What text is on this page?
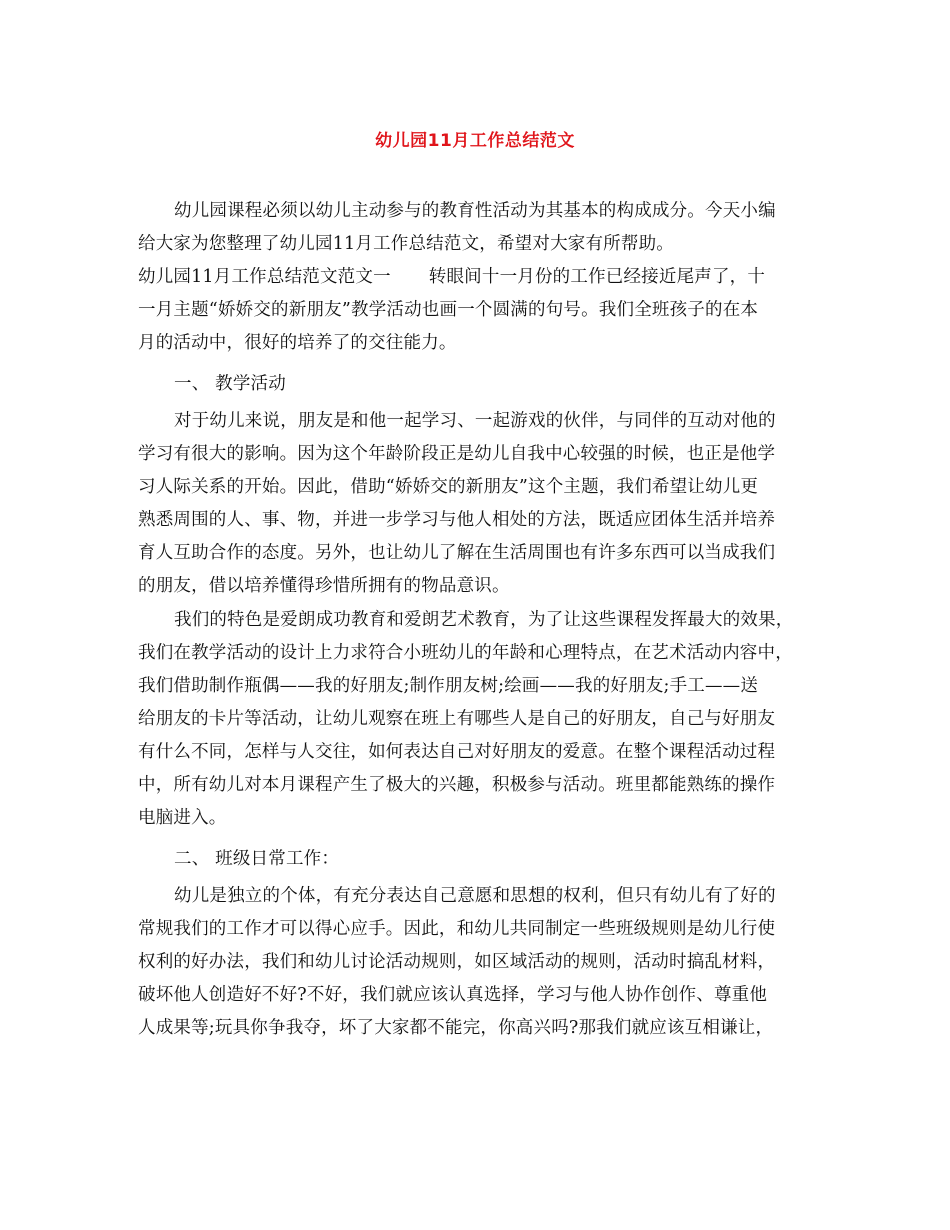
幼儿园11月工作总结范文
幼儿园课程必须以幼儿主动参与的教育性活动为其基本的构成成分。今天小编
给大家为您整理了幼儿园11月工作总结范文，希望对大家有所帮助。
幼儿园11月工作总结范文范文一 转眼间十一月份的工作已经接近尾声了，十
一月主题“娇娇交的新朋友”教学活动也画一个圆满的句号。我们全班孩子的在本
月的活动中，很好的培养了的交往能力。
一、 教学活动
对于幼儿来说，朋友是和他一起学习、一起游戏的伙伴，与同伴的互动对他的
学习有很大的影响。因为这个年龄阶段正是幼儿自我中心较强的时候，也正是他学
习人际关系的开始。因此，借助“娇娇交的新朋友”这个主题，我们希望让幼儿更
熟悉周围的人、事、物，并进一步学习与他人相处的方法，既适应团体生活并培养
育人互助合作的态度。另外，也让幼儿了解在生活周围也有许多东西可以当成我们
的朋友，借以培养懂得珍惜所拥有的物品意识。
我们的特色是爱朗成功教育和爱朗艺术教育，为了让这些课程发挥最大的效果，
我们在教学活动的设计上力求符合小班幼儿的年龄和心理特点，在艺术活动内容中，
我们借助制作瓶偶——我的好朋友;制作朋友树;绘画——我的好朋友;手工——送
给朋友的卡片等活动，让幼儿观察在班上有哪些人是自己的好朋友，自己与好朋友
有什么不同，怎样与人交往，如何表达自己对好朋友的爱意。在整个课程活动过程
中，所有幼儿对本月课程产生了极大的兴趣，积极参与活动。班里都能熟练的操作
电脑进入。
二、 班级日常工作：
幼儿是独立的个体，有充分表达自己意愿和思想的权利，但只有幼儿有了好的
常规我们的工作才可以得心应手。因此，和幼儿共同制定一些班级规则是幼儿行使
权利的好办法，我们和幼儿讨论活动规则，如区域活动的规则，活动时搞乱材料，
破坏他人创造好不好?不好，我们就应该认真选择，学习与他人协作创作、尊重他
人成果等;玩具你争我夺，坏了大家都不能完，你高兴吗?那我们就应该互相谦让，
